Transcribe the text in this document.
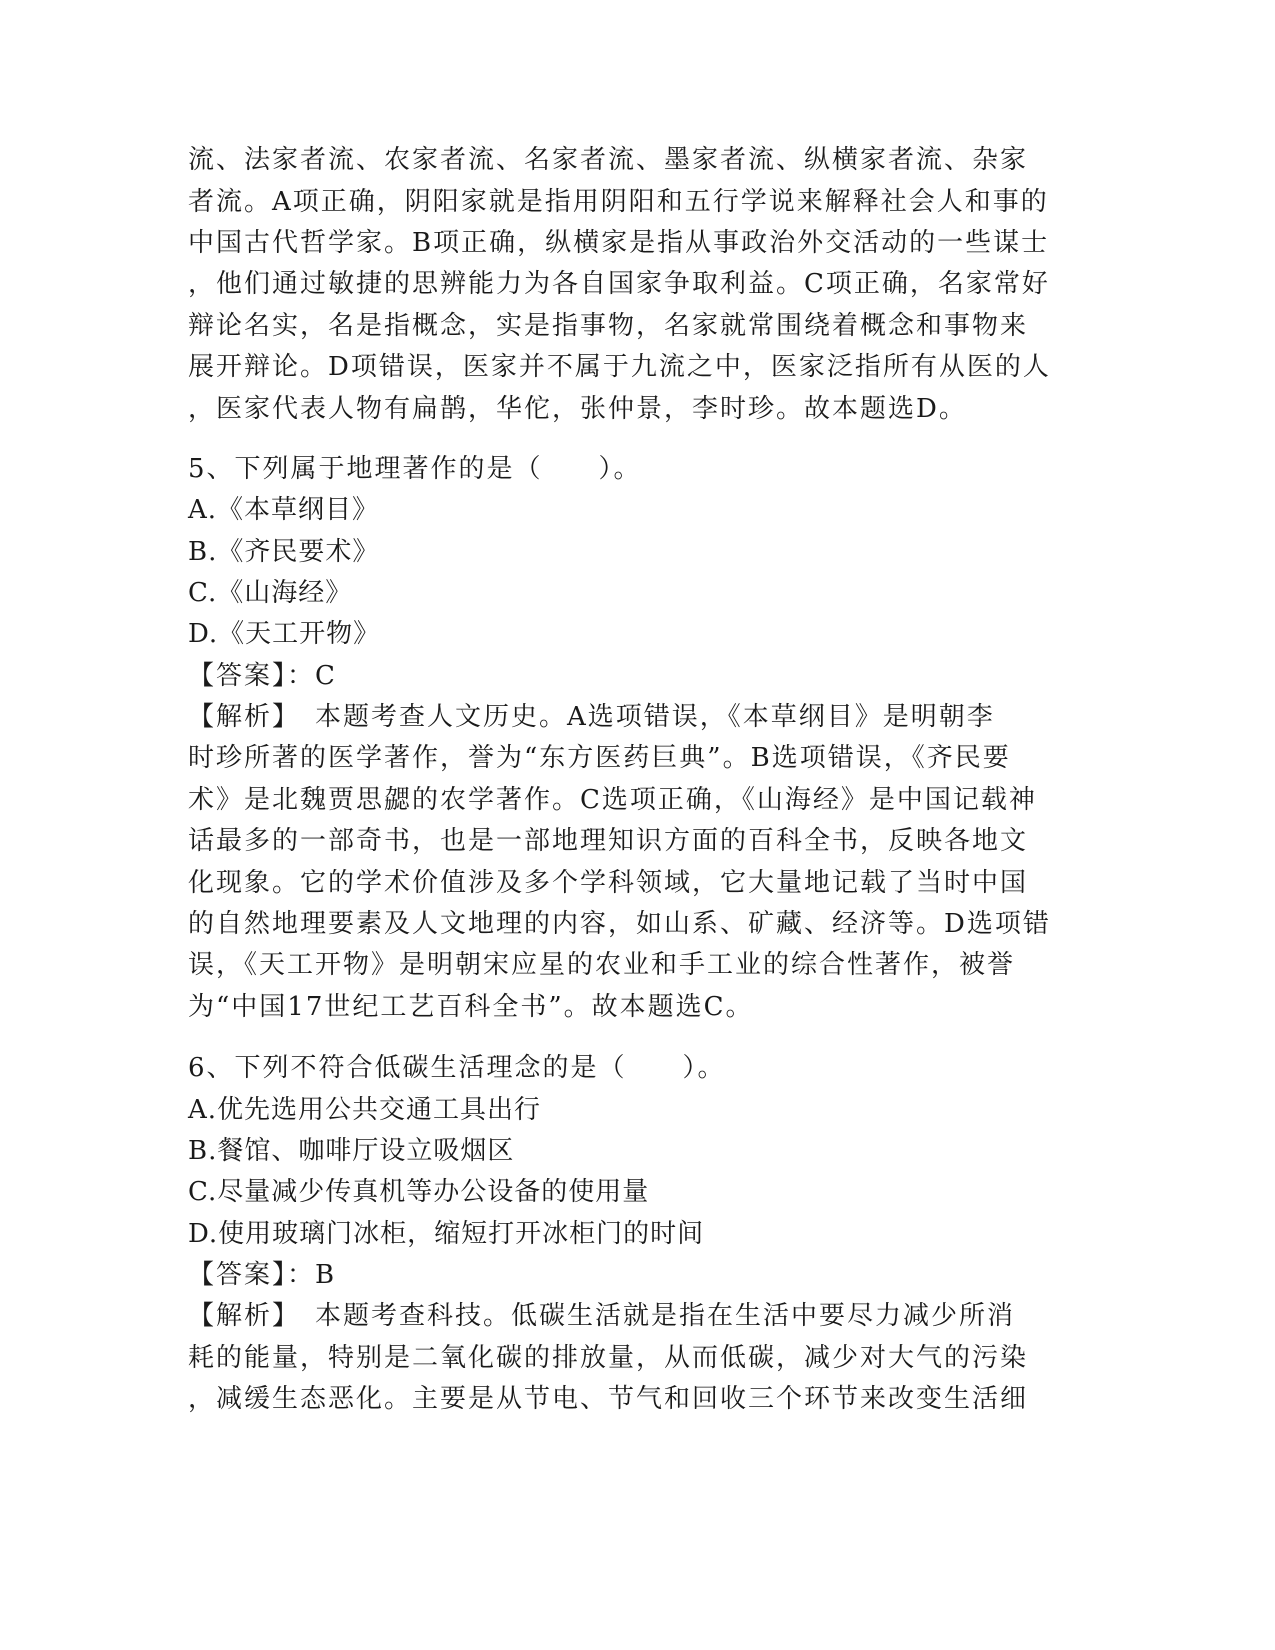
流、法家者流、农家者流、名家者流、墨家者流、纵横家者流、杂家
者流。A项正确，阴阳家就是指用阴阳和五行学说来解释社会人和事的
中国古代哲学家。B项正确，纵横家是指从事政治外交活动的一些谋士
，他们通过敏捷的思辨能力为各自国家争取利益。C项正确，名家常好
辩论名实，名是指概念，实是指事物，名家就常围绕着概念和事物来
展开辩论。D项错误，医家并不属于九流之中，医家泛指所有从医的人
，医家代表人物有扁鹊，华佗，张仲景，李时珍。故本题选D。
5、下列属于地理著作的是（　　）。
A.《本草纲目》
B.《齐民要术》
C.《山海经》
D.《天工开物》
【答案】：C
【解析】　本题考查人文历史。A选项错误，《本草纲目》是明朝李
时珍所著的医学著作，誉为“东方医药巨典”。B选项错误，《齐民要
术》是北魏贾思勰的农学著作。C选项正确，《山海经》是中国记载神
话最多的一部奇书，也是一部地理知识方面的百科全书，反映各地文
化现象。它的学术价值涉及多个学科领域，它大量地记载了当时中国
的自然地理要素及人文地理的内容，如山系、矿藏、经济等。D选项错
误，《天工开物》是明朝宋应星的农业和手工业的综合性著作，被誉
为“中国17世纪工艺百科全书”。故本题选C。
6、下列不符合低碳生活理念的是（　　）。
A.优先选用公共交通工具出行
B.餐馆、咖啡厅设立吸烟区
C.尽量减少传真机等办公设备的使用量
D.使用玻璃门冰柜，缩短打开冰柜门的时间
【答案】：B
【解析】　本题考查科技。低碳生活就是指在生活中要尽力减少所消
耗的能量，特别是二氧化碳的排放量，从而低碳，减少对大气的污染
，减缓生态恶化。主要是从节电、节气和回收三个环节来改变生活细
